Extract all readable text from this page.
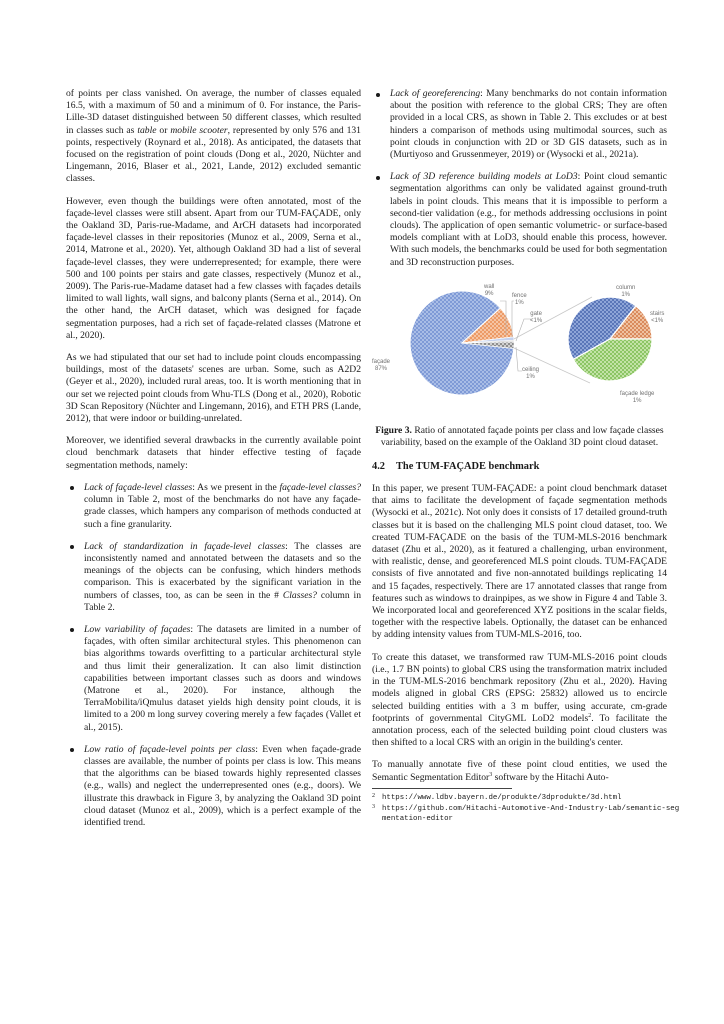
of points per class vanished. On average, the number of classes equaled 16.5, with a maximum of 50 and a minimum of 0. For instance, the Paris-Lille-3D dataset distinguished between 50 different classes, which resulted in classes such as table or mobile scooter, represented by only 576 and 131 points, respectively (Roynard et al., 2018). As anticipated, the datasets that focused on the registration of point clouds (Dong et al., 2020, Nüchter and Lingemann, 2016, Blaser et al., 2021, Lande, 2012) excluded semantic classes.

However, even though the buildings were often annotated, most of the façade-level classes were still absent. Apart from our TUM-FAÇADE, only the Oakland 3D, Paris-rue-Madame, and ArCH datasets had incorporated façade-level classes in their repositories (Munoz et al., 2009, Serna et al., 2014, Matrone et al., 2020). Yet, although Oakland 3D had a list of several façade-level classes, they were underrepresented; for example, there were 500 and 100 points per stairs and gate classes, respectively (Munoz et al., 2009). The Paris-rue-Madame dataset had a few classes with façades details limited to wall lights, wall signs, and balcony plants (Serna et al., 2014). On the other hand, the ArCH dataset, which was designed for façade segmentation purposes, had a rich set of façade-related classes (Matrone et al., 2020).

As we had stipulated that our set had to include point clouds encompassing buildings, most of the datasets' scenes are urban. Some, such as A2D2 (Geyer et al., 2020), included rural areas, too. It is worth mentioning that in our set we rejected point clouds from Whu-TLS (Dong et al., 2020), Robotic 3D Scan Repository (Nüchter and Lingemann, 2016), and ETH PRS (Lande, 2012), that were indoor or building-unrelated.

Moreover, we identified several drawbacks in the currently available point cloud benchmark datasets that hinder effective testing of façade segmentation methods, namely:

Lack of façade-level classes: As we present in the façade-level classes? column in Table 2, most of the benchmarks do not have any façade-grade classes, which hampers any comparison of methods conducted at such a fine granularity.
Lack of standardization in façade-level classes: The classes are inconsistently named and annotated between the datasets and so the meanings of the objects can be confusing, which hinders methods comparison. This is exacerbated by the significant variation in the numbers of classes, too, as can be seen in the # Classes? column in Table 2.
Low variability of façades: The datasets are limited in a number of façades, with often similar architectural styles. This phenomenon can bias algorithms towards overfitting to a particular architectural style and thus limit their generalization. It can also limit distinction capabilities between important classes such as doors and windows (Matrone et al., 2020). For instance, although the TerraMobilita/iQmulus dataset yields high density point clouds, it is limited to a 200 m long survey covering merely a few façades (Vallet et al., 2015).
Low ratio of façade-level points per class: Even when façade-grade classes are available, the number of points per class is low. This means that the algorithms can be biased towards highly represented classes (e.g., walls) and neglect the underrepresented ones (e.g., doors). We illustrate this drawback in Figure 3, by analyzing the Oakland 3D point cloud dataset (Munoz et al., 2009), which is a perfect example of the identified trend.
Lack of georeferencing: Many benchmarks do not contain information about the position with reference to the global CRS; They are often provided in a local CRS, as shown in Table 2. This excludes or at best hinders a comparison of methods using multimodal sources, such as point clouds in conjunction with 2D or 3D GIS datasets, such as in (Murtiyoso and Grussenmeyer, 2019) or (Wysocki et al., 2021a).
Lack of 3D reference building models at LoD3: Point cloud semantic segmentation algorithms can only be validated against ground-truth labels in point clouds. This means that it is impossible to perform a second-tier validation (e.g., for methods addressing occlusions in point clouds). The application of open semantic volumetric- or surface-based models compliant with at LoD3, should enable this process, however. With such models, the benchmarks could be used for both segmentation and 3D reconstruction purposes.
wall
9%	fence
1%
gate
<1%
façade
87%	ceiling
1%
column
1%
stairs
<1%
façade ledge
1%
Figure 3. Ratio of annotated façade points per class and low façade classes variability, based on the example of the Oakland 3D point cloud dataset.
4.2 The TUM-FAÇADE benchmark

In this paper, we present TUM-FAÇADE: a point cloud benchmark dataset that aims to facilitate the development of façade segmentation methods (Wysocki et al., 2021c). Not only does it consists of 17 detailed ground-truth classes but it is based on the challenging MLS point cloud dataset, too. We created TUM-FAÇADE on the basis of the TUM-MLS-2016 benchmark dataset (Zhu et al., 2020), as it featured a challenging, urban environment, with realistic, dense, and georeferenced MLS point clouds. TUM-FAÇADE consists of five annotated and five non-annotated buildings replicating 14 and 15 façades, respectively. There are 17 annotated classes that range from features such as windows to drainpipes, as we show in Figure 4 and Table 3. We incorporated local and georeferenced XYZ positions in the scalar fields, together with the respective labels. Optionally, the dataset can be enhanced by adding intensity values from TUM-MLS-2016, too.

To create this dataset, we transformed raw TUM-MLS-2016 point clouds (i.e., 1.7 BN points) to global CRS using the transformation matrix included in the TUM-MLS-2016 benchmark repository (Zhu et al., 2020). Having models aligned in global CRS (EPSG: 25832) allowed us to encircle selected building entities with a 3 m buffer, using accurate, cm-grade footprints of governmental CityGML LoD2 models$^2$. To facilitate the annotation process, each of the selected building point cloud clusters was then shifted to a local CRS with an origin in the building's center.

To manually annotate five of these point cloud entities, we used the Semantic Segmentation Editor$^3$ software by the Hitachi Auto-

2 https://www.ldbv.bayern.de/produkte/3dprodukte/3d.html
3 https://github.com/Hitachi-Automotive-And-Industry-Lab/semantic-segmentation-editor
